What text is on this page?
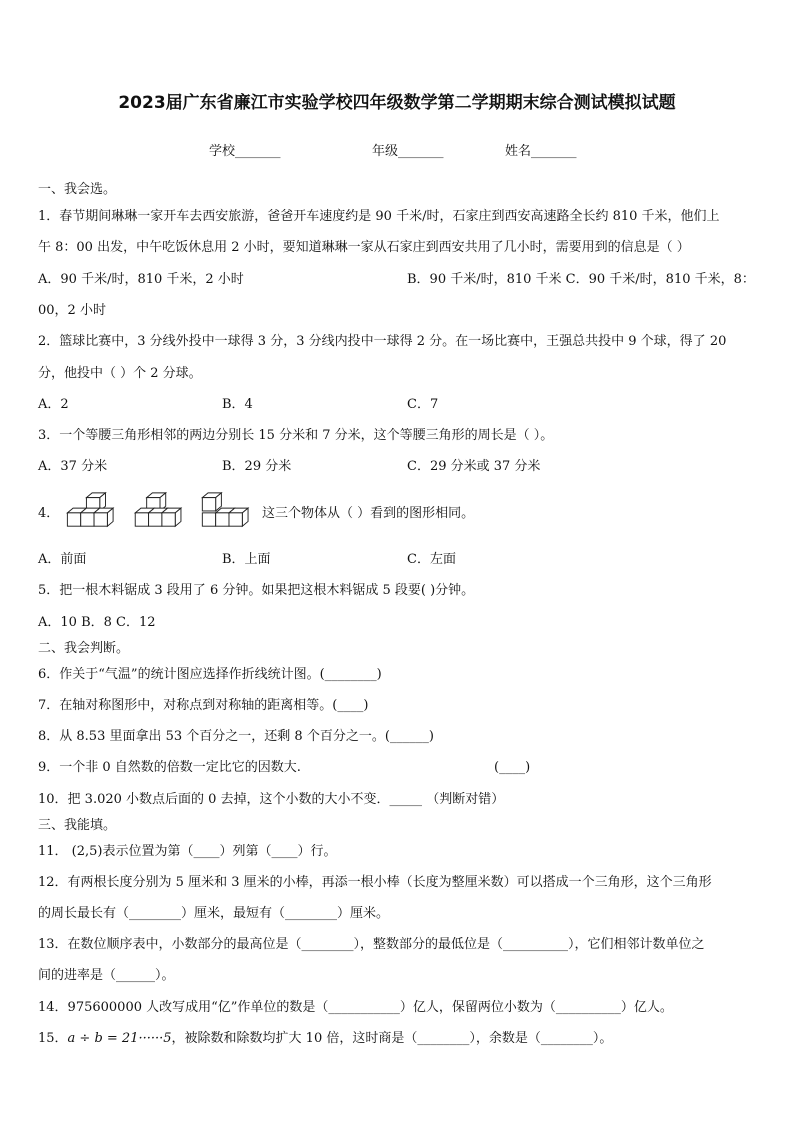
2023届广东省廉江市实验学校四年级数学第二学期期末综合测试模拟试题
学校_______	年级_______	姓名_______
一、我会选。
1．春节期间琳琳一家开车去西安旅游，爸爸开车速度约是 90 千米/时，石家庄到西安高速路全长约 810 千米，他们上
午 8：00 出发，中午吃饭休息用 2 小时，要知道琳琳一家从石家庄到西安共用了几小时，需要用到的信息是（ ）
A．90 千米/时，810 千米，2 小时	B．90 千米/时，810 千米 C．90 千米/时，810 千米，8：
00，2 小时
2．篮球比赛中，3 分线外投中一球得 3 分，3 分线内投中一球得 2 分。在一场比赛中，王强总共投中 9 个球，得了 20
分，他投中（ ）个 2 分球。
A．2	B．4	C．7
3．一个等腰三角形相邻的两边分别长 15 分米和 7 分米，这个等腰三角形的周长是（ ）。
A．37 分米	B．29 分米	C．29 分米或 37 分米
4．	这三个物体从（ ）看到的图形相同。
A．前面	B．上面	C．左面
5．把一根木料锯成 3 段用了 6 分钟。如果把这根木料锯成 5 段要( )分钟。
A．10 B．8 C．12
二、我会判断。
6．作关于“气温”的统计图应选择作折线统计图。(________)
7．在轴对称图形中，对称点到对称轴的距离相等。(____)
8．从 8.53 里面拿出 53 个百分之一，还剩 8 个百分之一。(______)
9．一个非 0 自然数的倍数一定比它的因数大.	(____)
10．把 3.020 小数点后面的 0 去掉，这个小数的大小不变．_____ （判断对错）
三、我能填。
11． (2,5)表示位置为第（____）列第（____）行。
12．有两根长度分别为 5 厘米和 3 厘米的小棒，再添一根小棒（长度为整厘米数）可以搭成一个三角形，这个三角形
的周长最长有（________）厘米，最短有（________）厘米。
13．在数位顺序表中，小数部分的最高位是（________），整数部分的最低位是（__________），它们相邻计数单位之
间的进率是（______）。
14．975600000 人改写成用“亿”作单位的数是（___________）亿人，保留两位小数为（__________）亿人。
15．a ÷ b = 21······5，被除数和除数均扩大 10 倍，这时商是（________），余数是（________）。
